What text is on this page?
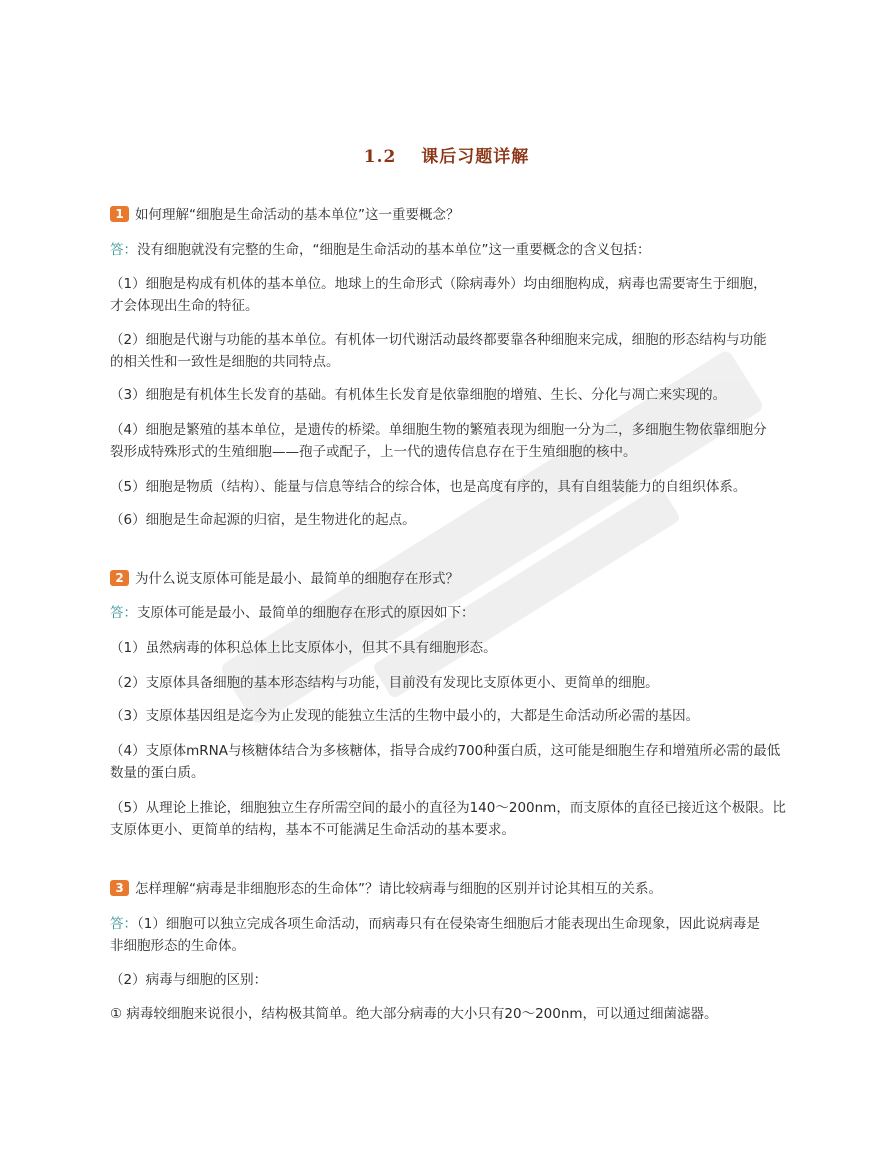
1.2 课后习题详解
1 如何理解“细胞是生命活动的基本单位”这一重要概念？
答：没有细胞就没有完整的生命，“细胞是生命活动的基本单位”这一重要概念的含义包括：
（1）细胞是构成有机体的基本单位。地球上的生命形式（除病毒外）均由细胞构成，病毒也需要寄生于细胞，
才会体现出生命的特征。
（2）细胞是代谢与功能的基本单位。有机体一切代谢活动最终都要靠各种细胞来完成，细胞的形态结构与功能
的相关性和一致性是细胞的共同特点。
（3）细胞是有机体生长发育的基础。有机体生长发育是依靠细胞的增殖、生长、分化与凋亡来实现的。
（4）细胞是繁殖的基本单位，是遗传的桥梁。单细胞生物的繁殖表现为细胞一分为二，多细胞生物依靠细胞分
裂形成特殊形式的生殖细胞——孢子或配子，上一代的遗传信息存在于生殖细胞的核中。
（5）细胞是物质（结构）、能量与信息等结合的综合体，也是高度有序的，具有自组装能力的自组织体系。
（6）细胞是生命起源的归宿，是生物进化的起点。
2 为什么说支原体可能是最小、最简单的细胞存在形式？
答：支原体可能是最小、最简单的细胞存在形式的原因如下：
（1）虽然病毒的体积总体上比支原体小，但其不具有细胞形态。
（2）支原体具备细胞的基本形态结构与功能，目前没有发现比支原体更小、更简单的细胞。
（3）支原体基因组是迄今为止发现的能独立生活的生物中最小的，大都是生命活动所必需的基因。
（4）支原体mRNA与核糖体结合为多核糖体，指导合成约700种蛋白质，这可能是细胞生存和增殖所必需的最低
数量的蛋白质。
（5）从理论上推论，细胞独立生存所需空间的最小的直径为140～200nm，而支原体的直径已接近这个极限。比
支原体更小、更简单的结构，基本不可能满足生命活动的基本要求。
3 怎样理解“病毒是非细胞形态的生命体”？请比较病毒与细胞的区别并讨论其相互的关系。
答：（1）细胞可以独立完成各项生命活动，而病毒只有在侵染寄生细胞后才能表现出生命现象，因此说病毒是
非细胞形态的生命体。
（2）病毒与细胞的区别：
① 病毒较细胞来说很小，结构极其简单。绝大部分病毒的大小只有20～200nm，可以通过细菌滤器。
